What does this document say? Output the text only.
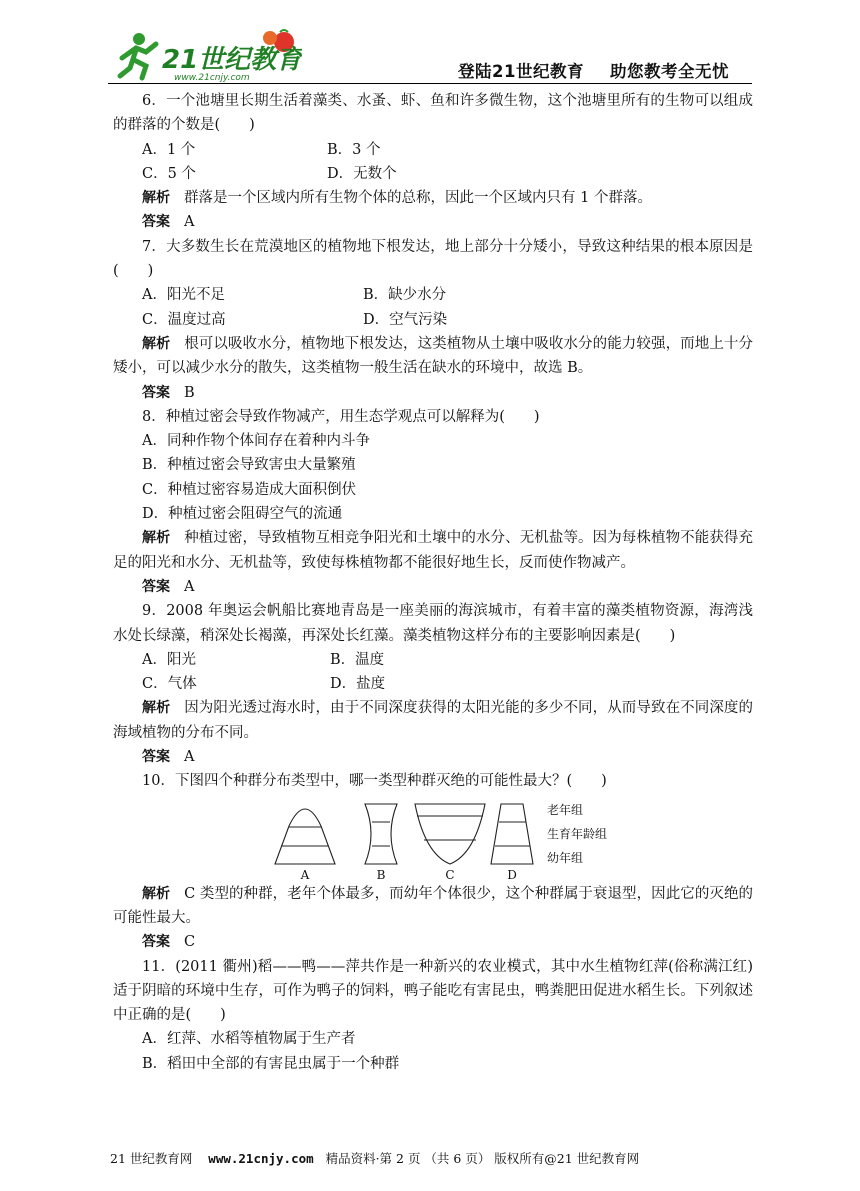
21世纪教育
www.21cnjy.com	登陆21世纪教育 助您教考全无忧

6．一个池塘里长期生活着藻类、水蚤、虾、鱼和许多微生物，这个池塘里所有的生物可以组成的群落的个数是(　　)

A．1 个	B．3 个
C．5 个	D．无数个

解析 群落是一个区域内所有生物个体的总称，因此一个区域内只有 1 个群落。

答案 A

7．大多数生长在荒漠地区的植物地下根发达，地上部分十分矮小，导致这种结果的根本原因是(　　)

A．阳光不足	B．缺少水分
C．温度过高	D．空气污染

解析 根可以吸收水分，植物地下根发达，这类植物从土壤中吸收水分的能力较强，而地上十分矮小，可以减少水分的散失，这类植物一般生活在缺水的环境中，故选 B。

答案 B

8．种植过密会导致作物减产，用生态学观点可以解释为(　　)

A．同种作物个体间存在着种内斗争

B．种植过密会导致害虫大量繁殖

C．种植过密容易造成大面积倒伏

D．种植过密会阻碍空气的流通

解析 种植过密，导致植物互相竞争阳光和土壤中的水分、无机盐等。因为每株植物不能获得充足的阳光和水分、无机盐等，致使每株植物都不能很好地生长，反而使作物减产。

答案 A

9．2008 年奥运会帆船比赛地青岛是一座美丽的海滨城市，有着丰富的藻类植物资源，海湾浅水处长绿藻，稍深处长褐藻，再深处长红藻。藻类植物这样分布的主要影响因素是(　　)

A．阳光	B．温度
C．气体	D．盐度

解析 因为阳光透过海水时，由于不同深度获得的太阳光能的多少不同，从而导致在不同深度的海域植物的分布不同。

答案 A

10．下图四个种群分布类型中，哪一类型种群灭绝的可能性最大？(　　)

A	B	C	D
老年组
生育年龄组
幼年组

解析 C 类型的种群，老年个体最多，而幼年个体很少，这个种群属于衰退型，因此它的灭绝的可能性最大。

答案 C

11．(2011 衢州)稻——鸭——萍共作是一种新兴的农业模式，其中水生植物红萍(俗称满江红)适于阴暗的环境中生存，可作为鸭子的饲料，鸭子能吃有害昆虫，鸭粪肥田促进水稻生长。下列叙述中正确的是(　　)

A．红萍、水稻等植物属于生产者

B．稻田中全部的有害昆虫属于一个种群

21 世纪教育网 www.21cnjy.com 精品资料·第 2 页 （共 6 页） 版权所有@21 世纪教育网
